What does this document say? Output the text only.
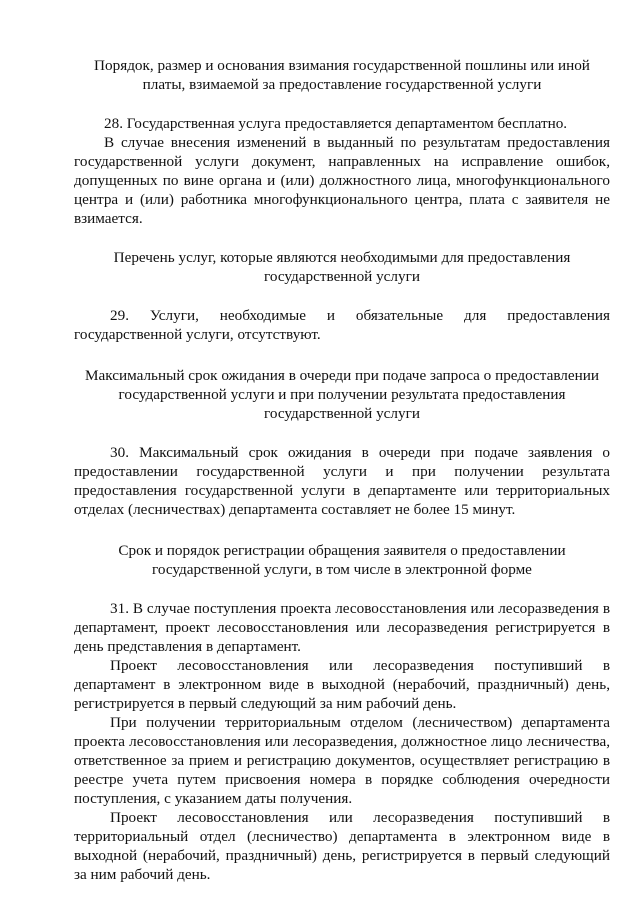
Порядок, размер и основания взимания государственной пошлины или иной платы, взимаемой за предоставление государственной услуги

28. Государственная услуга предоставляется департаментом бесплатно.

В случае внесения изменений в выданный по результатам предоставления государственной услуги документ, направленных на исправление ошибок, допущенных по вине органа и (или) должностного лица, многофункционального центра и (или) работника многофункционального центра, плата с заявителя не взимается.

Перечень услуг, которые являются необходимыми для предоставления государственной услуги

29. Услуги, необходимые и обязательные для предоставления государственной услуги, отсутствуют.

Максимальный срок ожидания в очереди при подаче запроса о предоставлении государственной услуги и при получении результата предоставления государственной услуги

30. Максимальный срок ожидания в очереди при подаче заявления о предоставлении государственной услуги и при получении результата предоставления государственной услуги в департаменте или территориальных отделах (лесничествах) департамента составляет не более 15 минут.

Срок и порядок регистрации обращения заявителя о предоставлении государственной услуги, в том числе в электронной форме

31. В случае поступления проекта лесовосстановления или лесоразведения в департамент, проект лесовосстановления или лесоразведения регистрируется в день представления в департамент.

Проект лесовосстановления или лесоразведения поступивший в департамент в электронном виде в выходной (нерабочий, праздничный) день, регистрируется в первый следующий за ним рабочий день.

При получении территориальным отделом (лесничеством) департамента проекта лесовосстановления или лесоразведения, должностное лицо лесничества, ответственное за прием и регистрацию документов, осуществляет регистрацию в реестре учета путем присвоения номера в порядке соблюдения очередности поступления, с указанием даты получения.

Проект лесовосстановления или лесоразведения поступивший в территориальный отдел (лесничество) департамента в электронном виде в выходной (нерабочий, праздничный) день, регистрируется в первый следующий за ним рабочий день.
